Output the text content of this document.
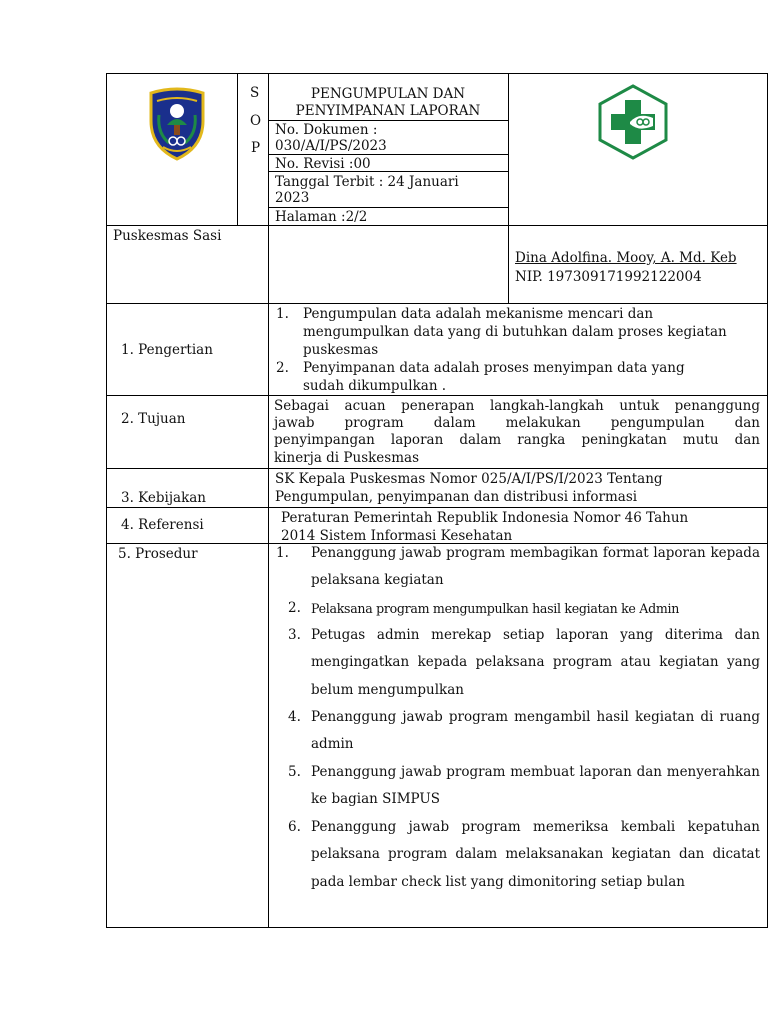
S
O
P
PENGUMPULAN DAN
PENYIMPANAN LAPORAN
No. Dokumen :
030/A/I/PS/2023
No. Revisi :00
Tanggal Terbit : 24 Januari
2023
Halaman :2/2
Puskesmas Sasi
Dina Adolfina. Mooy, A. Md. Keb
NIP. 197309171992122004
1. Pengertian
1. Pengumpulan data adalah mekanisme mencari dan
mengumpulkan data yang di butuhkan dalam proses kegiatan
puskesmas
2. Penyimpanan data adalah proses menyimpan data yang
sudah dikumpulkan .
2. Tujuan
Sebagai acuan penerapan langkah-langkah untuk penanggung
jawab program dalam melakukan pengumpulan dan
penyimpangan laporan dalam rangka peningkatan mutu dan
kinerja di Puskesmas
3. Kebijakan
SK Kepala Puskesmas Nomor 025/A/I/PS/I/2023 Tentang
Pengumpulan, penyimpanan dan distribusi informasi
4. Referensi	Peraturan Pemerintah Republik Indonesia Nomor 46 Tahun
2014 Sistem Informasi Kesehatan
5. Prosedur	1. Penanggung jawab program membagikan format laporan kepada pelaksana kegiatan
2. Pelaksana program mengumpulkan hasil kegiatan ke Admin
3. Petugas admin merekap setiap laporan yang diterima dan mengingatkan kepada pelaksana program atau kegiatan yang belum mengumpulkan
4. Penanggung jawab program mengambil hasil kegiatan di ruang admin
5. Penanggung jawab program membuat laporan dan menyerahkan ke bagian SIMPUS
6. Penanggung jawab program memeriksa kembali kepatuhan pelaksana program dalam melaksanakan kegiatan dan dicatat pada lembar check list yang dimonitoring setiap bulan
